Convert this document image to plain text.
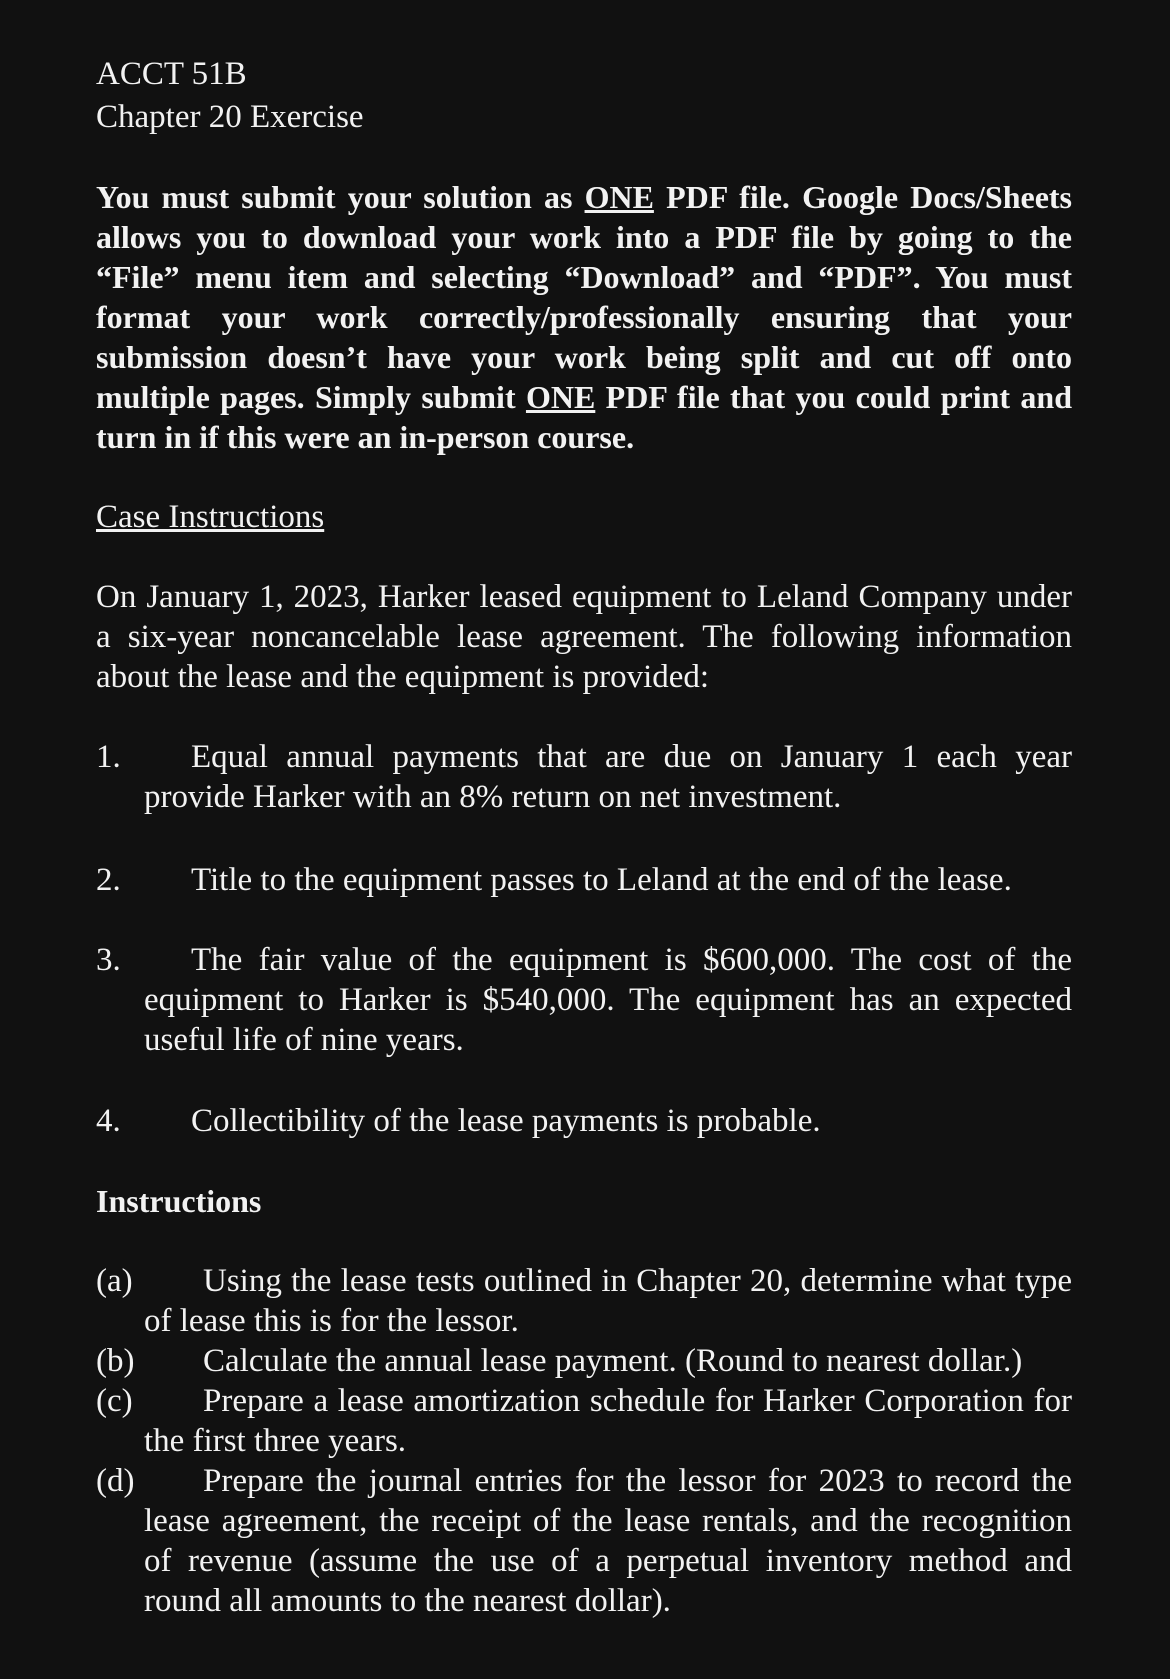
ACCT 51B
Chapter 20 Exercise
You must submit your solution as ONE PDF file. Google Docs/Sheets allows you to download your work into a PDF file by going to the “File” menu item and selecting “Download” and “PDF”. You must format your work correctly/professionally ensuring that your submission doesn’t have your work being split and cut off onto multiple pages. Simply submit ONE PDF file that you could print and turn in if this were an in-person course.
Case Instructions
On January 1, 2023, Harker leased equipment to Leland Company under a six-year noncancelable lease agreement. The following information about the lease and the equipment is provided:
1.	Equal annual payments that are due on January 1 each year provide Harker with an 8% return on net investment.
2.	Title to the equipment passes to Leland at the end of the lease.
3.	The fair value of the equipment is $600,000. The cost of the equipment to Harker is $540,000. The equipment has an expected useful life of nine years.
4.	Collectibility of the lease payments is probable.
Instructions
(a)	Using the lease tests outlined in Chapter 20, determine what type of lease this is for the lessor.
(b)	Calculate the annual lease payment. (Round to nearest dollar.)
(c)	Prepare a lease amortization schedule for Harker Corporation for the first three years.
(d)	Prepare the journal entries for the lessor for 2023 to record the lease agreement, the receipt of the lease rentals, and the recognition of revenue (assume the use of a perpetual inventory method and round all amounts to the nearest dollar).
